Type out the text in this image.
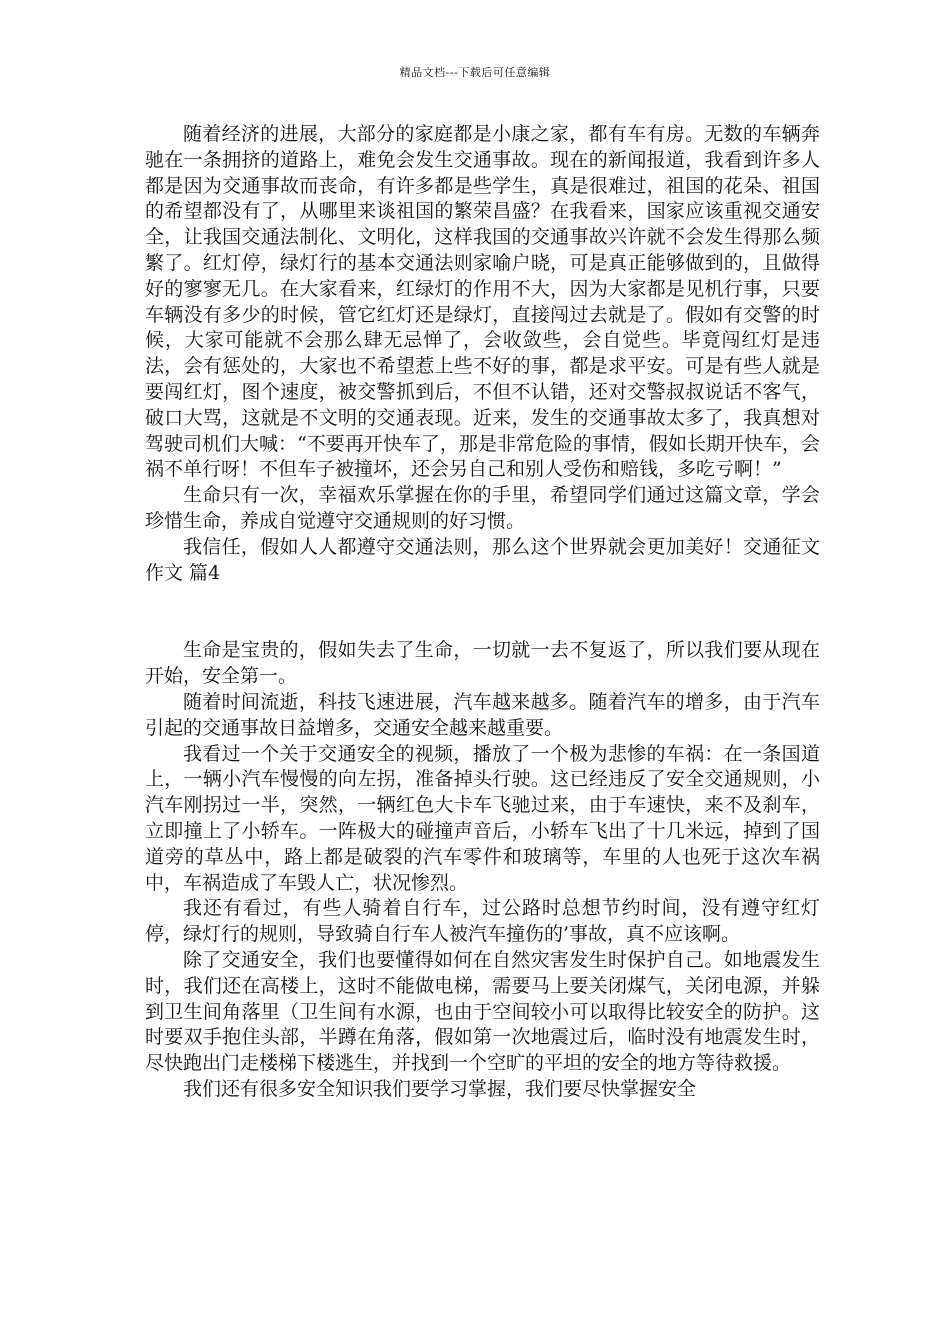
精品文档---下载后可任意编辑

随着经济的进展，大部分的家庭都是小康之家，都有车有房。无数的车辆奔驰在一条拥挤的道路上，难免会发生交通事故。现在的新闻报道，我看到许多人都是因为交通事故而丧命，有许多都是些学生，真是很难过，祖国的花朵、祖国的希望都没有了，从哪里来谈祖国的繁荣昌盛？在我看来，国家应该重视交通安全，让我国交通法制化、文明化，这样我国的交通事故兴许就不会发生得那么频繁了。红灯停，绿灯行的基本交通法则家喻户晓，可是真正能够做到的，且做得好的寥寥无几。在大家看来，红绿灯的作用不大，因为大家都是见机行事，只要车辆没有多少的时候，管它红灯还是绿灯，直接闯过去就是了。假如有交警的时候，大家可能就不会那么肆无忌惮了，会收敛些，会自觉些。毕竟闯红灯是违法，会有惩处的，大家也不希望惹上些不好的事，都是求平安。可是有些人就是要闯红灯，图个速度，被交警抓到后，不但不认错，还对交警叔叔说话不客气，破口大骂，这就是不文明的交通表现。近来，发生的交通事故太多了，我真想对驾驶司机们大喊：“不要再开快车了，那是非常危险的事情，假如长期开快车，会祸不单行呀！不但车子被撞坏，还会另自己和别人受伤和赔钱，多吃亏啊！”

生命只有一次，幸福欢乐掌握在你的手里，希望同学们通过这篇文章，学会珍惜生命，养成自觉遵守交通规则的好习惯。

我信任，假如人人都遵守交通法则，那么这个世界就会更加美好！交通征文作文 篇4

生命是宝贵的，假如失去了生命，一切就一去不复返了，所以我们要从现在开始，安全第一。

随着时间流逝，科技飞速进展，汽车越来越多。随着汽车的增多，由于汽车引起的交通事故日益增多，交通安全越来越重要。

我看过一个关于交通安全的视频，播放了一个极为悲惨的车祸：在一条国道上，一辆小汽车慢慢的向左拐，准备掉头行驶。这已经违反了安全交通规则，小汽车刚拐过一半，突然，一辆红色大卡车飞驰过来，由于车速快，来不及刹车，立即撞上了小轿车。一阵极大的碰撞声音后，小轿车飞出了十几米远，掉到了国道旁的草丛中，路上都是破裂的汽车零件和玻璃等，车里的人也死于这次车祸中，车祸造成了车毁人亡，状况惨烈。

我还有看过，有些人骑着自行车，过公路时总想节约时间，没有遵守红灯停，绿灯行的规则，导致骑自行车人被汽车撞伤的’事故，真不应该啊。

除了交通安全，我们也要懂得如何在自然灾害发生时保护自己。如地震发生时，我们还在高楼上，这时不能做电梯，需要马上要关闭煤气，关闭电源，并躲到卫生间角落里（卫生间有水源，也由于空间较小可以取得比较安全的防护。这时要双手抱住头部，半蹲在角落，假如第一次地震过后，临时没有地震发生时，尽快跑出门走楼梯下楼逃生，并找到一个空旷的平坦的安全的地方等待救援。

我们还有很多安全知识我们要学习掌握，我们要尽快掌握安全
